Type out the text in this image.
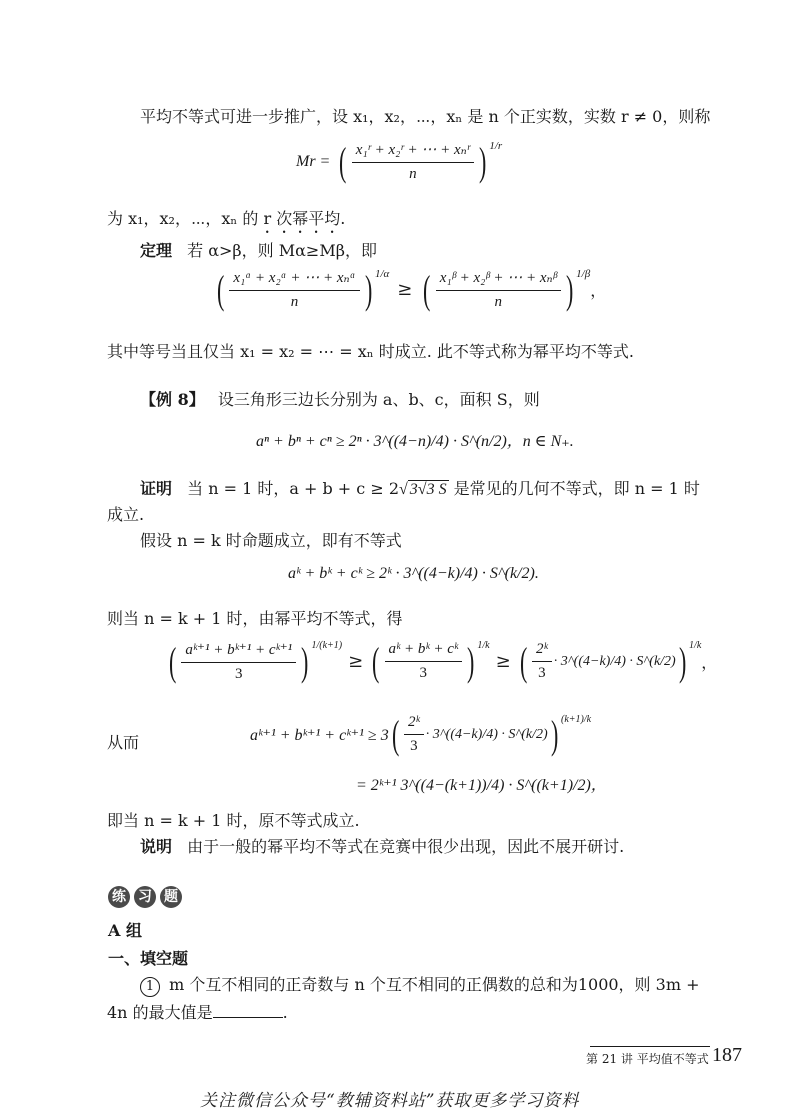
平均不等式可进一步推广，设 x₁，x₂，⋯，xₙ 是 n 个正实数，实数 r ≠ 0，则称
Mr = ( $\frac{\text{x₁ʳ + x₂ʳ + ⋯ + xₙʳ}}{n}$ ) 1/r
为 x₁，x₂，⋯，xₙ 的 r 次幂平均.
定理 若 α>β，则 Mα≥Mβ，即
( $\frac{\text{x₁ᵅ + x₂ᵅ + ⋯ + xₙᵅ}}{n}$ ) 1/α
≥ ( $\frac{\text{x₁ᵝ + x₂ᵝ + ⋯ + xₙᵝ}}{n}$ ) 1/β
，
其中等号当且仅当 x₁ = x₂ = ⋯ = xₙ 时成立. 此不等式称为幂平均不等式.
【例 8】 设三角形三边长分别为 a、b、c，面积 S，则
aⁿ + bⁿ + cⁿ ≥ 2ⁿ · 3^((4−n)/4) · S^(n/2)，n ∈ N₊.
证明 当 n = 1 时，a + b + c ≥ 2√ 3√3 S 是常见的几何不等式，即 n = 1 时
成立.
假设 n = k 时命题成立，即有不等式
aᵏ + bᵏ + cᵏ ≥ 2ᵏ · 3^((4−k)/4) · S^(k/2).
则当 n = k + 1 时，由幂平均不等式，得
( $\frac{\text{aᵏ⁺¹ + bᵏ⁺¹ + cᵏ⁺¹}}{3}$ ) 1/(k+1)
≥ ( $\frac{\text{aᵏ + bᵏ + cᵏ}}{3}$ ) 1/k
≥ ( $\frac{\text{2ᵏ}}{3}$ · 3^((4−k)/4) · S^(k/2) ) 1/k
，
从而	aᵏ⁺¹ + bᵏ⁺¹ + cᵏ⁺¹ ≥ 3 ( $\frac{\text{2ᵏ}}{3}$ · 3^((4−k)/4) · S^(k/2) ) (k+1)/k
= 2ᵏ⁺¹ 3^((4−(k+1))/4) · S^((k+1)/2)，
即当 n = k + 1 时，原不等式成立.
说明 由于一般的幂平均不等式在竞赛中很少出现，因此不展开研讨.
练 习 题
A 组
一、填空题
1 m 个互不相同的正奇数与 n 个互不相同的正偶数的总和为1000，则 3m +
4n 的最大值是	.
第 21 讲 平均值不等式 187
关注微信公众号“教辅资料站”获取更多学习资料
